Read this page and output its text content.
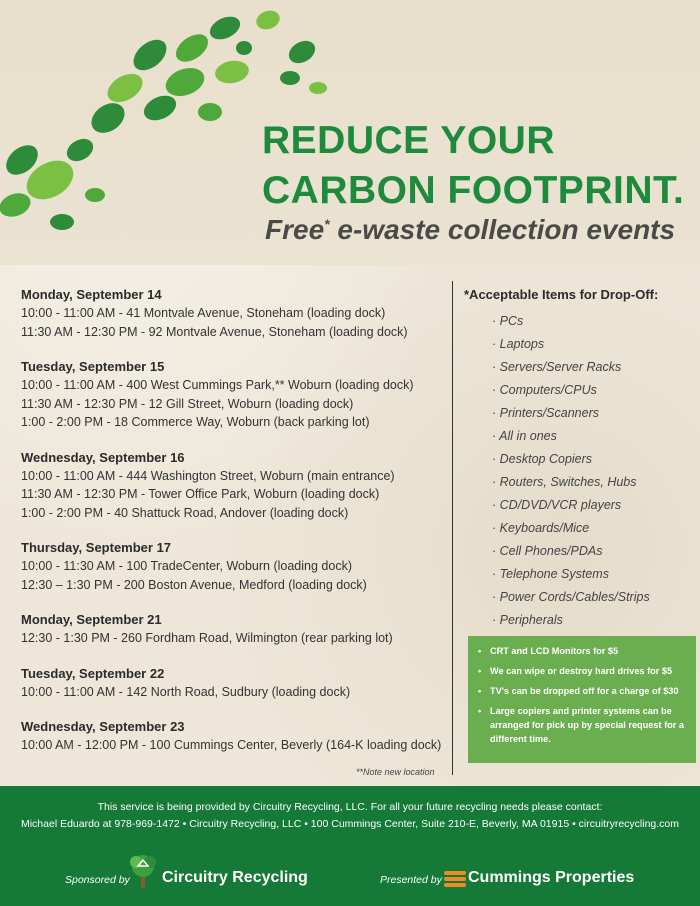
REDUCE YOUR
CARBON FOOTPRINT.
Free* e-waste collection events
Monday, September 14
10:00 - 11:00 AM - 41 Montvale Avenue, Stoneham (loading dock)
11:30 AM - 12:30 PM - 92 Montvale Avenue, Stoneham (loading dock)
Tuesday, September 15
10:00 - 11:00 AM - 400 West Cummings Park,** Woburn (loading dock)
11:30 AM - 12:30 PM - 12 Gill Street, Woburn (loading dock)
1:00 - 2:00 PM - 18 Commerce Way, Woburn (back parking lot)
Wednesday, September 16
10:00 - 11:00 AM - 444 Washington Street, Woburn (main entrance)
11:30 AM - 12:30 PM - Tower Office Park, Woburn (loading dock)
1:00 - 2:00 PM - 40 Shattuck Road, Andover (loading dock)
Thursday, September 17
10:00 - 11:30 AM - 100 TradeCenter, Woburn (loading dock)
12:30 – 1:30 PM - 200 Boston Avenue, Medford (loading dock)
Monday, September 21
12:30 - 1:30 PM - 260 Fordham Road, Wilmington (rear parking lot)
Tuesday, September 22
10:00 - 11:00 AM - 142 North Road, Sudbury (loading dock)
Wednesday, September 23
10:00 AM - 12:00 PM - 100 Cummings Center, Beverly (164-K loading dock)
**Note new location
*Acceptable Items for Drop-Off:
· PCs
· Laptops
· Servers/Server Racks
· Computers/CPUs
· Printers/Scanners
· All in ones
· Desktop Copiers
· Routers, Switches, Hubs
· CD/DVD/VCR players
· Keyboards/Mice
· Cell Phones/PDAs
· Telephone Systems
· Power Cords/Cables/Strips
· Peripherals
• CRT and LCD Monitors for $5
• We can wipe or destroy hard drives for $5
• TV's can be dropped off for a charge of $30
• Large copiers and printer systems can be arranged for pick up by special request for a different time.
This service is being provided by Circuitry Recycling, LLC. For all your future recycling needs please contact:
Michael Eduardo at 978-969-1472 • Circuitry Recycling, LLC • 100 Cummings Center, Suite 210-E, Beverly, MA 01915 • circuitryrecycling.com
Sponsored by Circuitry Recycling	Presented by Cummings Properties
